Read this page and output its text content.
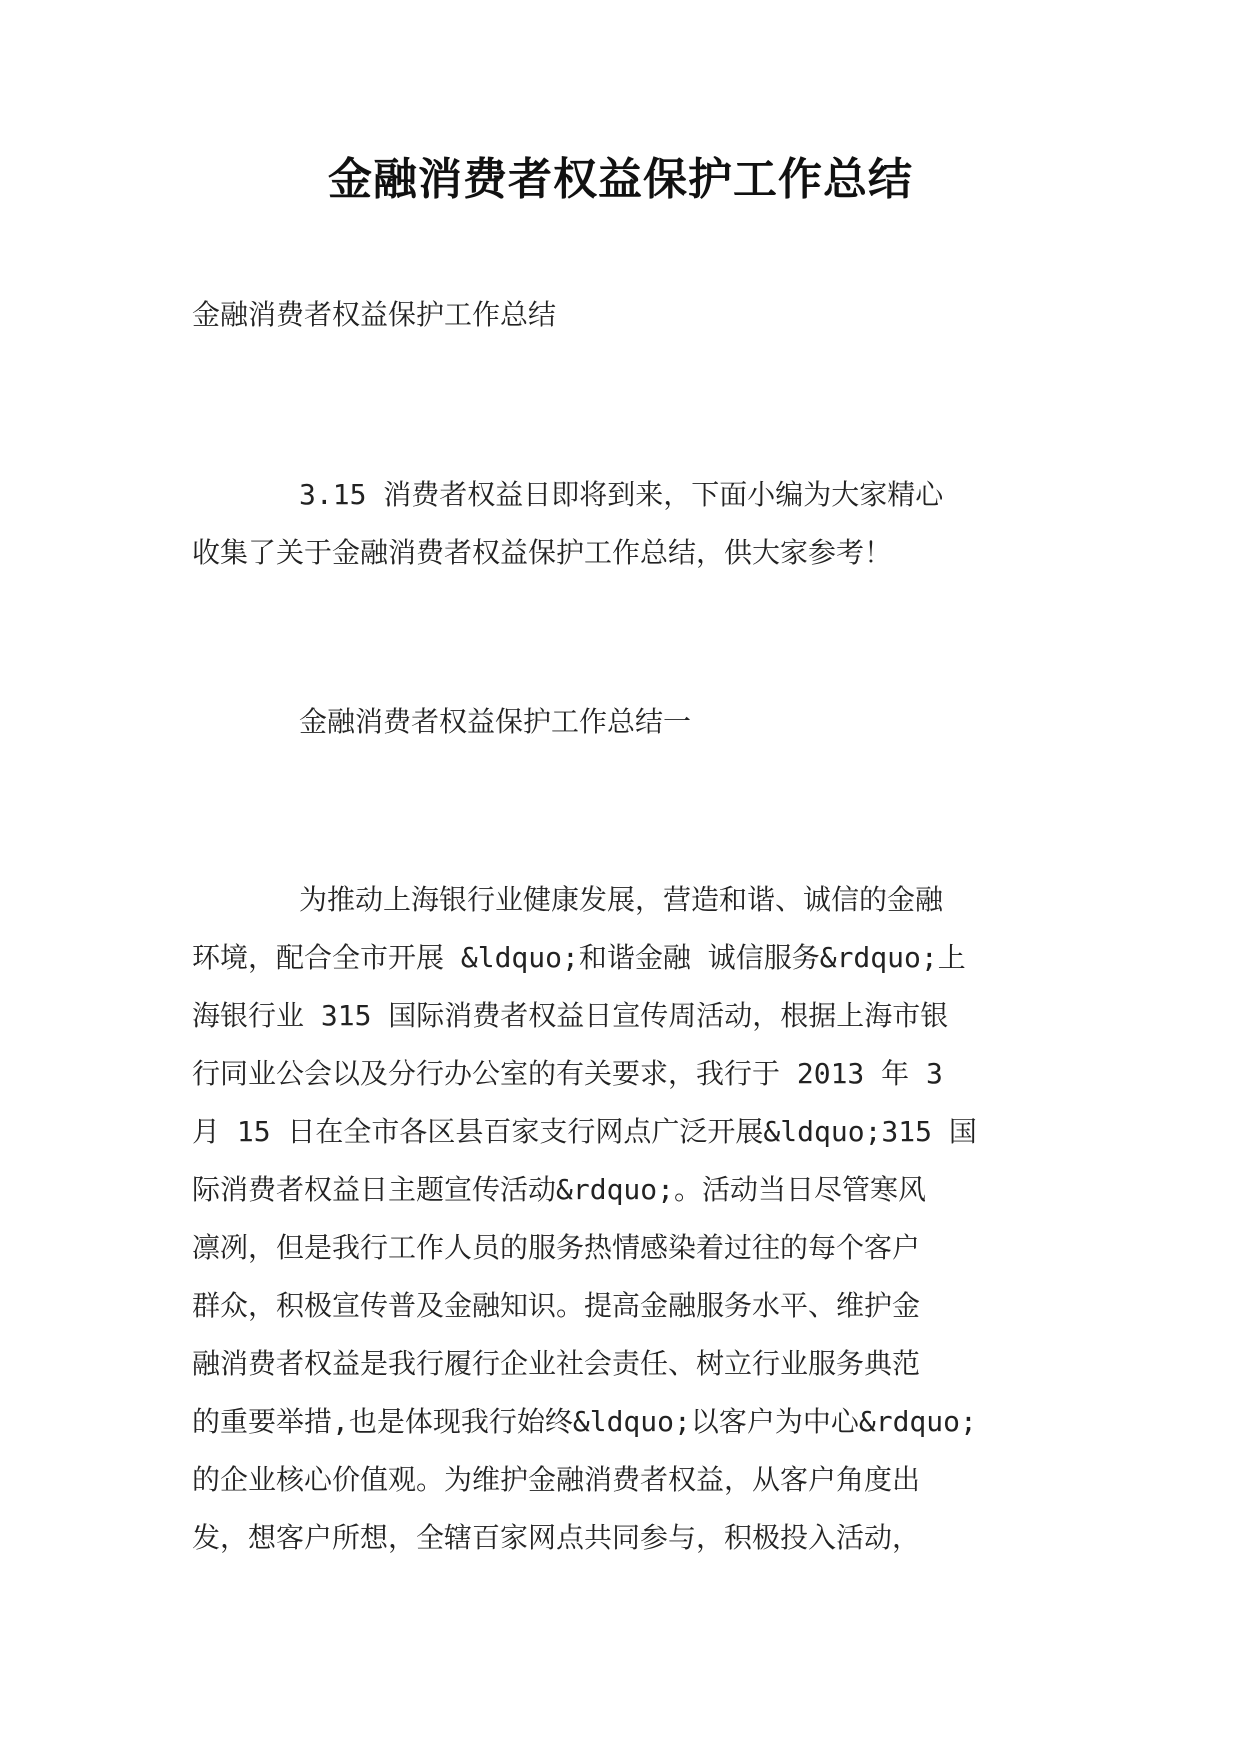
金融消费者权益保护工作总结
金融消费者权益保护工作总结
3.15 消费者权益日即将到来，下面小编为大家精心
收集了关于金融消费者权益保护工作总结，供大家参考！
金融消费者权益保护工作总结一
为推动上海银行业健康发展，营造和谐、诚信的金融
环境，配合全市开展 &ldquo;和谐金融 诚信服务&rdquo;上
海银行业 315 国际消费者权益日宣传周活动，根据上海市银
行同业公会以及分行办公室的有关要求，我行于 2013 年 3
月 15 日在全市各区县百家支行网点广泛开展&ldquo;315 国
际消费者权益日主题宣传活动&rdquo;。活动当日尽管寒风
凛冽，但是我行工作人员的服务热情感染着过往的每个客户
群众，积极宣传普及金融知识。提高金融服务水平、维护金
融消费者权益是我行履行企业社会责任、树立行业服务典范
的重要举措,也是体现我行始终&ldquo;以客户为中心&rdquo;
的企业核心价值观。为维护金融消费者权益，从客户角度出
发，想客户所想，全辖百家网点共同参与，积极投入活动，
